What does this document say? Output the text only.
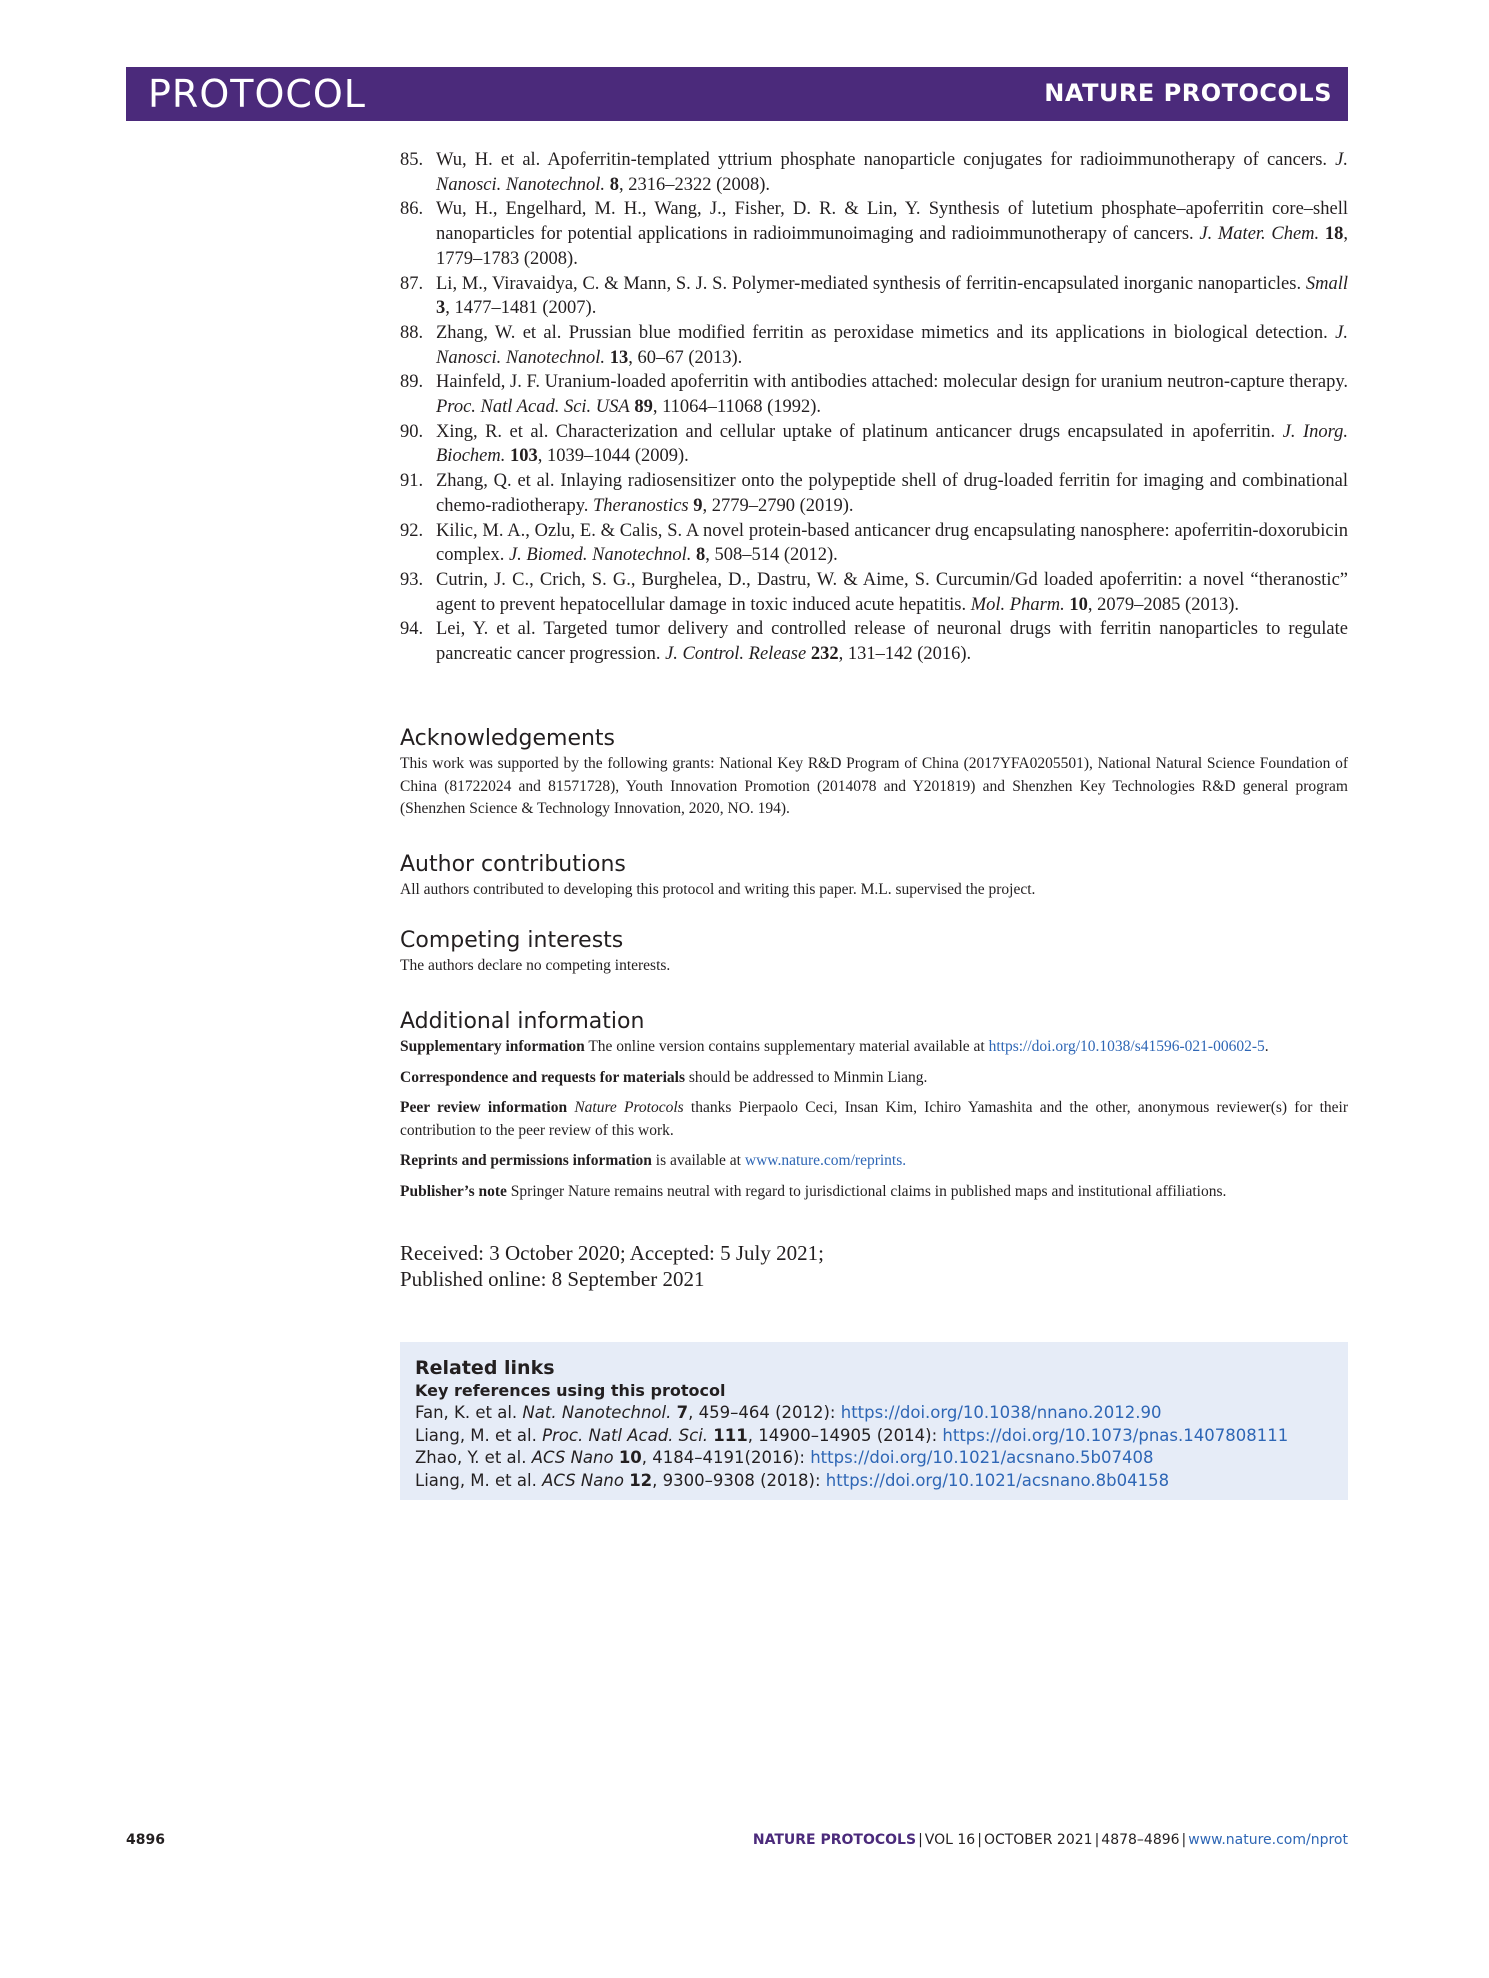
PROTOCOL	NATURE PROTOCOLS
85. Wu, H. et al. Apoferritin-templated yttrium phosphate nanoparticle conjugates for radioimmunotherapy of cancers. J. Nanosci. Nanotechnol. 8, 2316–2322 (2008).
86. Wu, H., Engelhard, M. H., Wang, J., Fisher, D. R. & Lin, Y. Synthesis of lutetium phosphate–apoferritin core–shell nanoparticles for potential applications in radioimmunoimaging and radioimmunotherapy of cancers. J. Mater. Chem. 18, 1779–1783 (2008).
87. Li, M., Viravaidya, C. & Mann, S. J. S. Polymer-mediated synthesis of ferritin-encapsulated inorganic nanoparticles. Small 3, 1477–1481 (2007).
88. Zhang, W. et al. Prussian blue modified ferritin as peroxidase mimetics and its applications in biological detection. J. Nanosci. Nanotechnol. 13, 60–67 (2013).
89. Hainfeld, J. F. Uranium-loaded apoferritin with antibodies attached: molecular design for uranium neutron-capture therapy. Proc. Natl Acad. Sci. USA 89, 11064–11068 (1992).
90. Xing, R. et al. Characterization and cellular uptake of platinum anticancer drugs encapsulated in apoferritin. J. Inorg. Biochem. 103, 1039–1044 (2009).
91. Zhang, Q. et al. Inlaying radiosensitizer onto the polypeptide shell of drug-loaded ferritin for imaging and combinational chemo-radiotherapy. Theranostics 9, 2779–2790 (2019).
92. Kilic, M. A., Ozlu, E. & Calis, S. A novel protein-based anticancer drug encapsulating nanosphere: apoferritin-doxorubicin complex. J. Biomed. Nanotechnol. 8, 508–514 (2012).
93. Cutrin, J. C., Crich, S. G., Burghelea, D., Dastru, W. & Aime, S. Curcumin/Gd loaded apoferritin: a novel “theranostic” agent to prevent hepatocellular damage in toxic induced acute hepatitis. Mol. Pharm. 10, 2079–2085 (2013).
94. Lei, Y. et al. Targeted tumor delivery and controlled release of neuronal drugs with ferritin nanoparticles to regulate pancreatic cancer progression. J. Control. Release 232, 131–142 (2016).
Acknowledgements

This work was supported by the following grants: National Key R&D Program of China (2017YFA0205501), National Natural Science Foundation of China (81722024 and 81571728), Youth Innovation Promotion (2014078 and Y201819) and Shenzhen Key Technologies R&D general program (Shenzhen Science & Technology Innovation, 2020, NO. 194).

Author contributions

All authors contributed to developing this protocol and writing this paper. M.L. supervised the project.

Competing interests

The authors declare no competing interests.

Additional information

Supplementary information The online version contains supplementary material available at https://doi.org/10.1038/s41596-021-00602-5.

Correspondence and requests for materials should be addressed to Minmin Liang.

Peer review information Nature Protocols thanks Pierpaolo Ceci, Insan Kim, Ichiro Yamashita and the other, anonymous reviewer(s) for their contribution to the peer review of this work.

Reprints and permissions information is available at www.nature.com/reprints.

Publisher’s note Springer Nature remains neutral with regard to jurisdictional claims in published maps and institutional affiliations.

Received: 3 October 2020; Accepted: 5 July 2021;
Published online: 8 September 2021
Related links
Key references using this protocol
Fan, K. et al. Nat. Nanotechnol. 7, 459–464 (2012): https://doi.org/10.1038/nnano.2012.90
Liang, M. et al. Proc. Natl Acad. Sci. 111, 14900–14905 (2014): https://doi.org/10.1073/pnas.1407808111
Zhao, Y. et al. ACS Nano 10, 4184–4191(2016): https://doi.org/10.1021/acsnano.5b07408
Liang, M. et al. ACS Nano 12, 9300–9308 (2018): https://doi.org/10.1021/acsnano.8b04158
4896	NATURE PROTOCOLS | VOL 16 | OCTOBER 2021 | 4878–4896 | www.nature.com/nprot
